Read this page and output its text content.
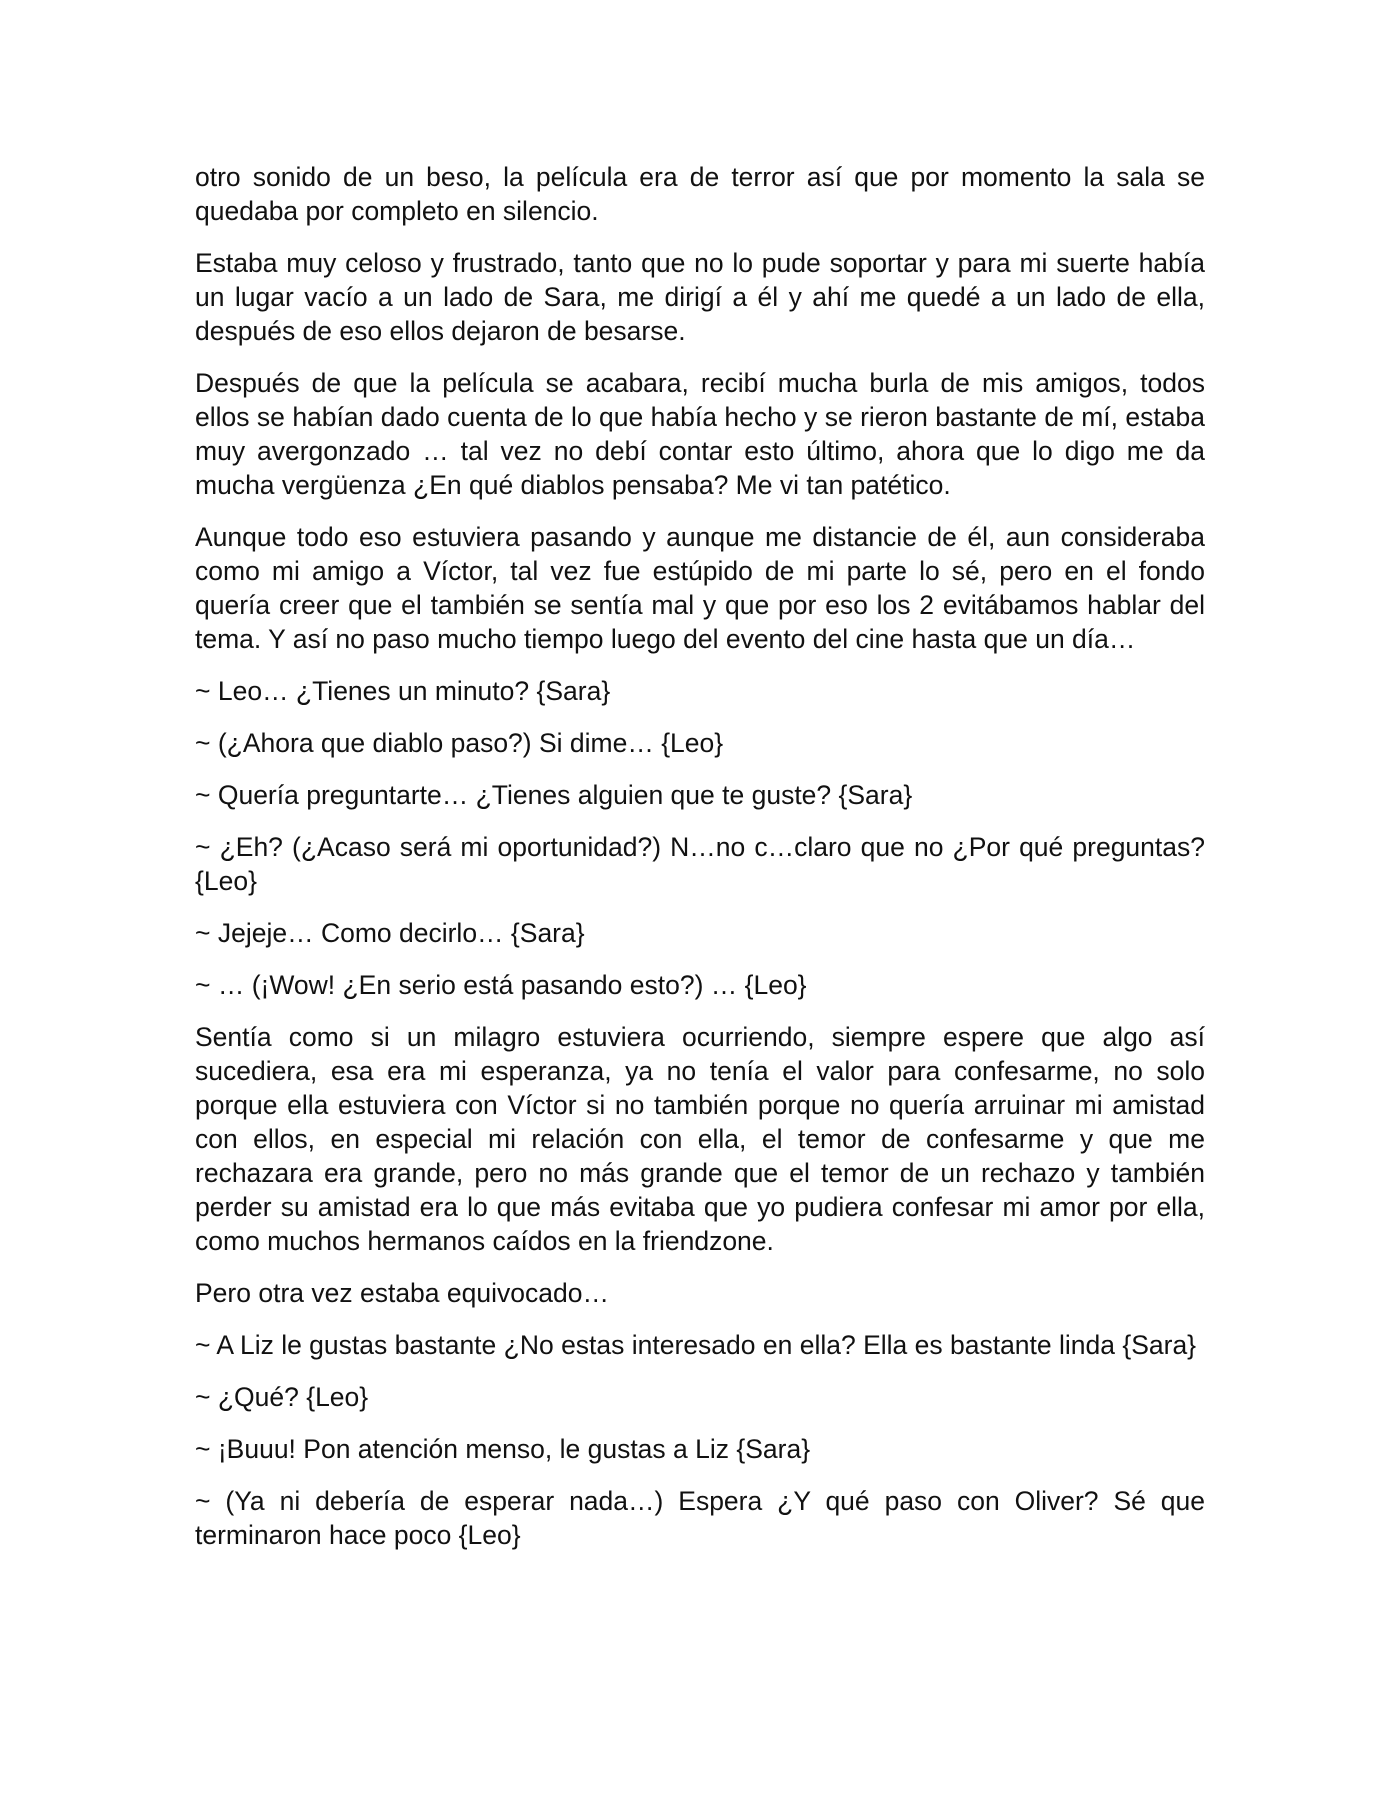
otro sonido de un beso, la película era de terror así que por momento la sala se quedaba por completo en silencio.

Estaba muy celoso y frustrado, tanto que no lo pude soportar y para mi suerte había un lugar vacío a un lado de Sara, me dirigí a él y ahí me quedé a un lado de ella, después de eso ellos dejaron de besarse.

Después de que la película se acabara, recibí mucha burla de mis amigos, todos ellos se habían dado cuenta de lo que había hecho y se rieron bastante de mí, estaba muy avergonzado … tal vez no debí contar esto último, ahora que lo digo me da mucha vergüenza ¿En qué diablos pensaba? Me vi tan patético.

Aunque todo eso estuviera pasando y aunque me distancie de él, aun consideraba como mi amigo a Víctor, tal vez fue estúpido de mi parte lo sé, pero en el fondo quería creer que el también se sentía mal y que por eso los 2 evitábamos hablar del tema. Y así no paso mucho tiempo luego del evento del cine hasta que un día…

~ Leo… ¿Tienes un minuto? {Sara}

~ (¿Ahora que diablo paso?) Si dime… {Leo}

~ Quería preguntarte… ¿Tienes alguien que te guste? {Sara}

~ ¿Eh? (¿Acaso será mi oportunidad?) N…no c…claro que no ¿Por qué preguntas? {Leo}

~ Jejeje… Como decirlo… {Sara}

~ … (¡Wow! ¿En serio está pasando esto?) … {Leo}

Sentía como si un milagro estuviera ocurriendo, siempre espere que algo así sucediera, esa era mi esperanza, ya no tenía el valor para confesarme, no solo porque ella estuviera con Víctor si no también porque no quería arruinar mi amistad con ellos, en especial mi relación con ella, el temor de confesarme y que me rechazara era grande, pero no más grande que el temor de un rechazo y también perder su amistad era lo que más evitaba que yo pudiera confesar mi amor por ella, como muchos hermanos caídos en la friendzone.

Pero otra vez estaba equivocado…

~ A Liz le gustas bastante ¿No estas interesado en ella? Ella es bastante linda {Sara}

~ ¿Qué? {Leo}

~ ¡Buuu! Pon atención menso, le gustas a Liz {Sara}

~ (Ya ni debería de esperar nada…) Espera ¿Y qué paso con Oliver? Sé que terminaron hace poco {Leo}
